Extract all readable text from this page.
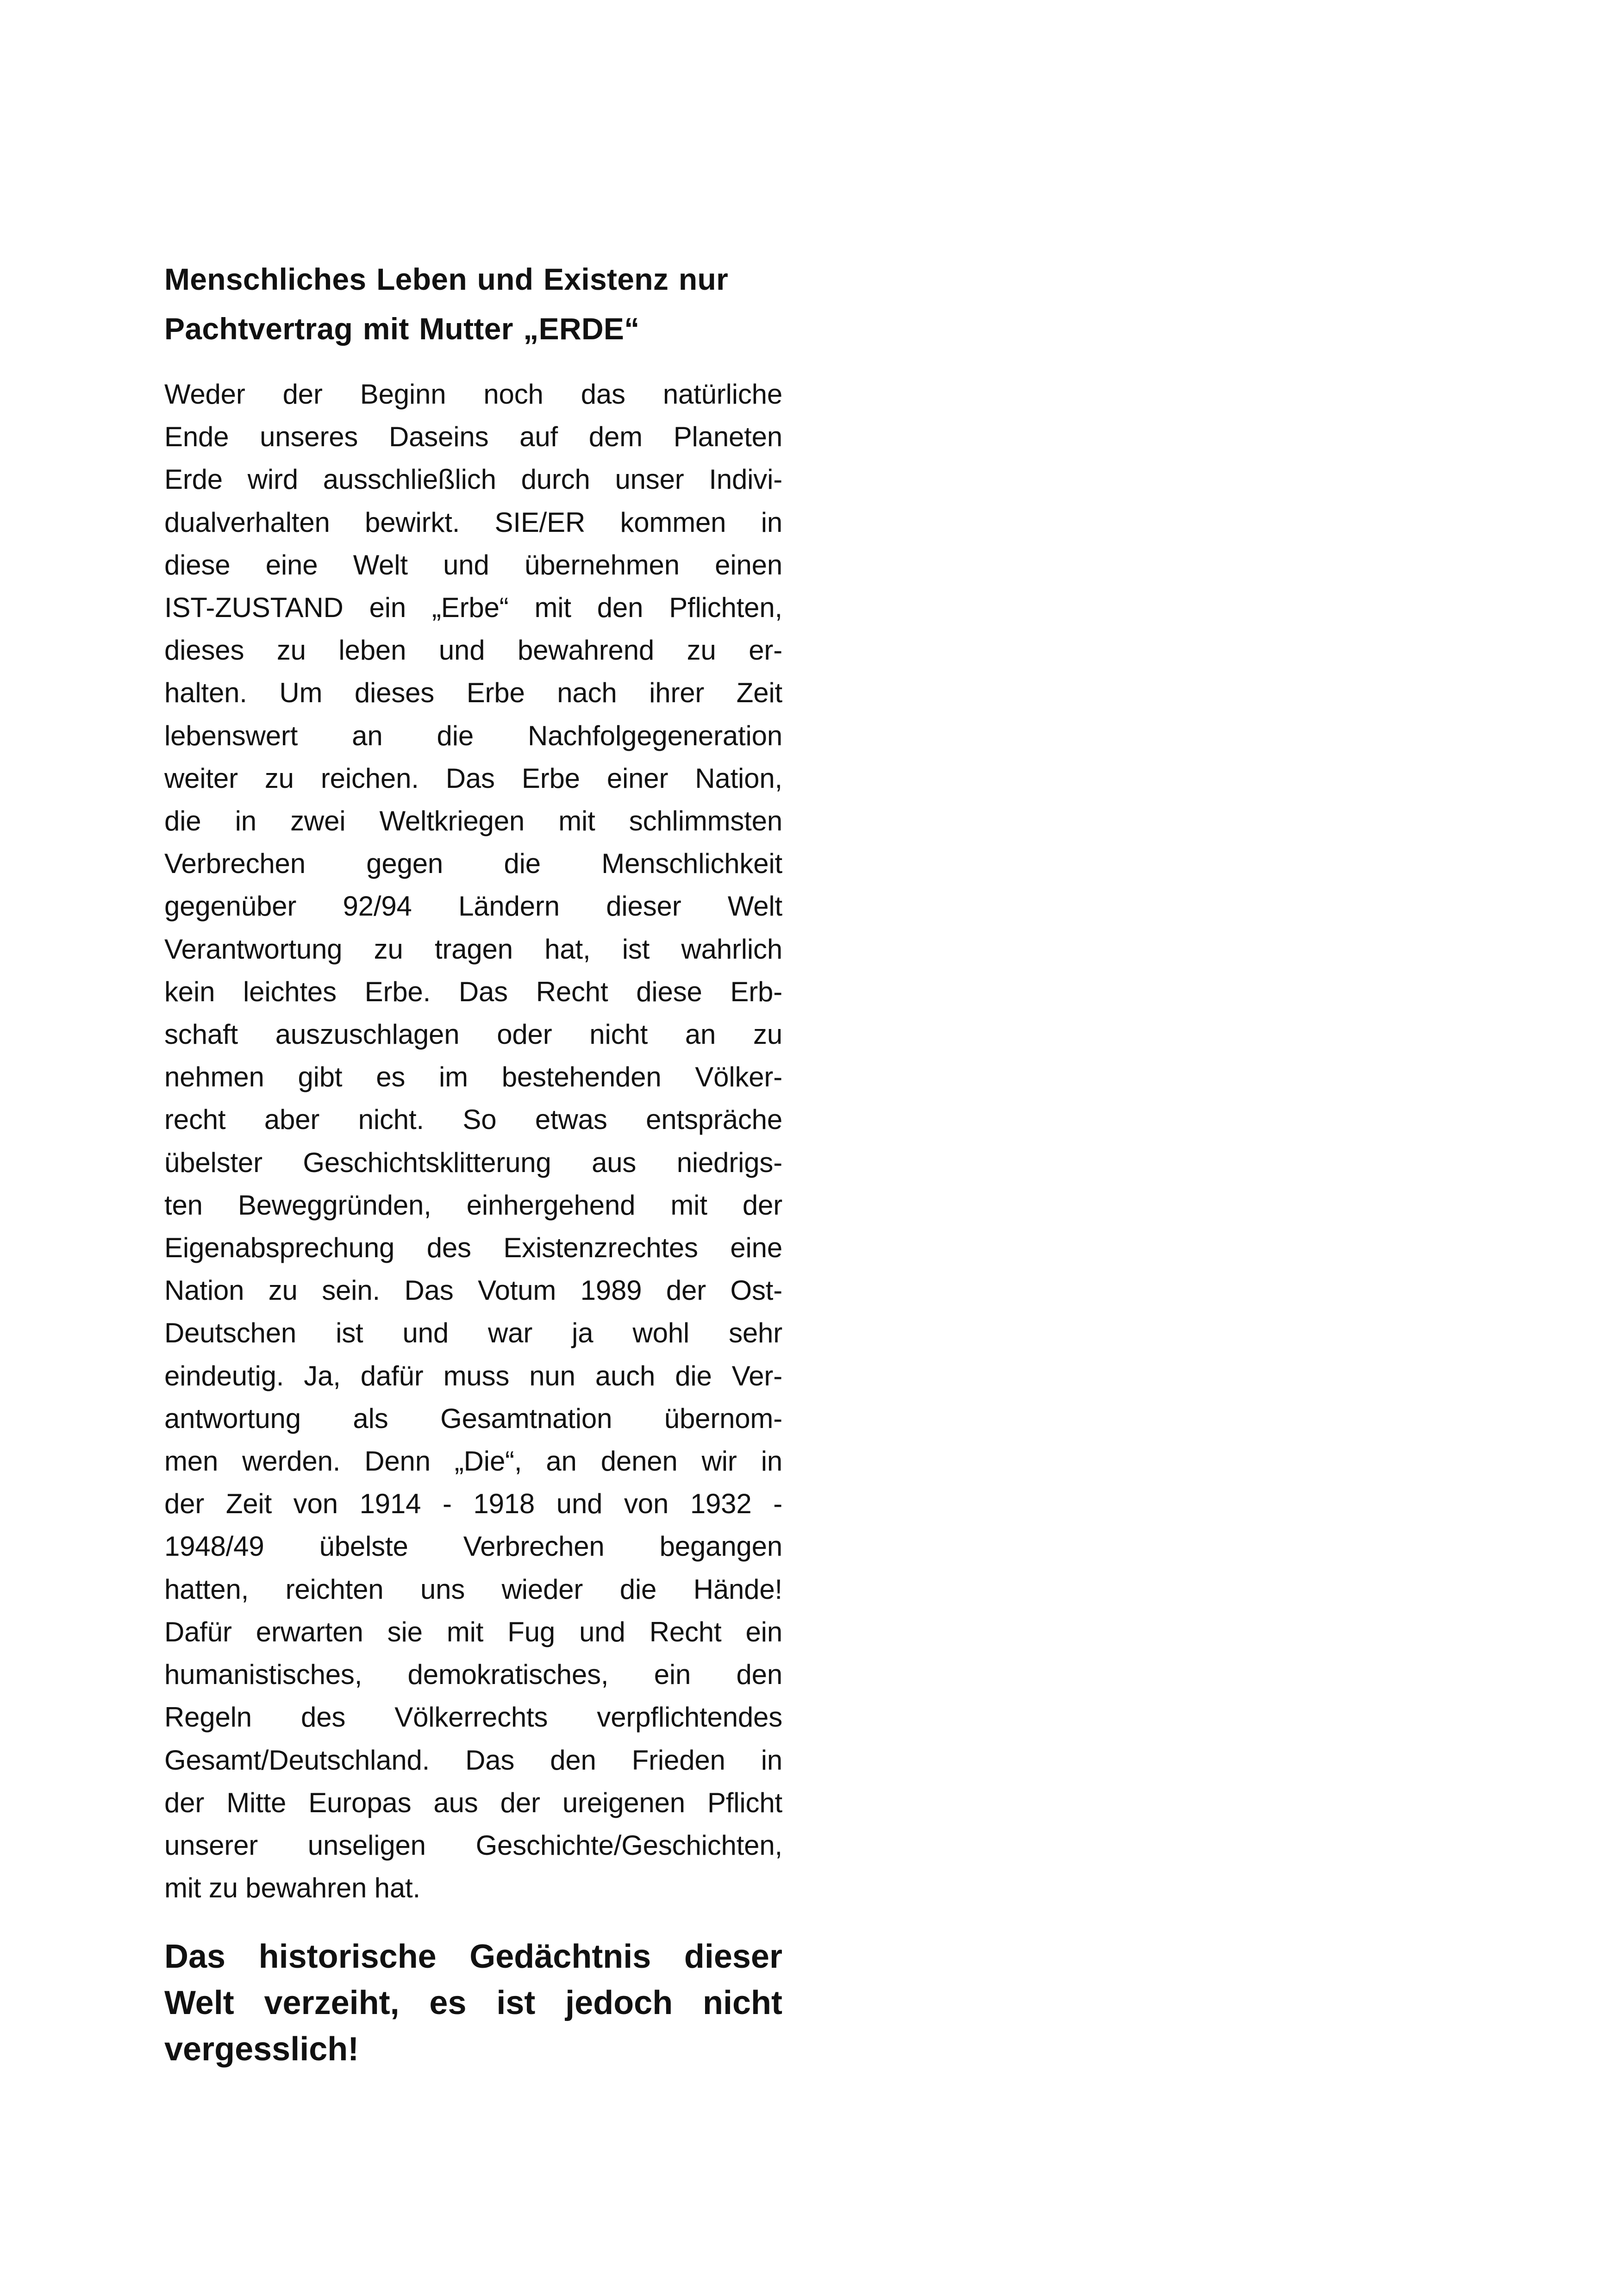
Menschliches Leben und Existenz nur
Pachtvertrag mit Mutter „ERDE“
Weder der Beginn noch das natürliche
Ende unseres Daseins auf dem Planeten
Erde wird ausschließlich durch unser Indivi-
dualverhalten bewirkt. SIE/ER kommen in
diese eine Welt und übernehmen einen
IST-ZUSTAND ein „Erbe“ mit den Pflichten,
dieses zu leben und bewahrend zu er-
halten. Um dieses Erbe nach ihrer Zeit
lebenswert an die Nachfolgegeneration
weiter zu reichen. Das Erbe einer Nation,
die in zwei Weltkriegen mit schlimmsten
Verbrechen gegen die Menschlichkeit
gegenüber 92/94 Ländern dieser Welt
Verantwortung zu tragen hat, ist wahrlich
kein leichtes Erbe. Das Recht diese Erb-
schaft auszuschlagen oder nicht an zu
nehmen gibt es im bestehenden Völker-
recht aber nicht. So etwas entspräche
übelster Geschichtsklitterung aus niedrigs-
ten Beweggründen, einhergehend mit der
Eigenabsprechung des Existenzrechtes eine
Nation zu sein. Das Votum 1989 der Ost-
Deutschen ist und war ja wohl sehr
eindeutig. Ja, dafür muss nun auch die Ver-
antwortung als Gesamtnation übernom-
men werden. Denn „Die“, an denen wir in
der Zeit von 1914 - 1918 und von 1932 -
1948/49 übelste Verbrechen begangen
hatten, reichten uns wieder die Hände!
Dafür erwarten sie mit Fug und Recht ein
humanistisches, demokratisches, ein den
Regeln des Völkerrechts verpflichtendes
Gesamt/Deutschland. Das den Frieden in
der Mitte Europas aus der ureigenen Pflicht
unserer unseligen Geschichte/Geschichten,
mit zu bewahren hat.
Das historische Gedächtnis dieser
Welt verzeiht, es ist jedoch nicht
vergesslich!
